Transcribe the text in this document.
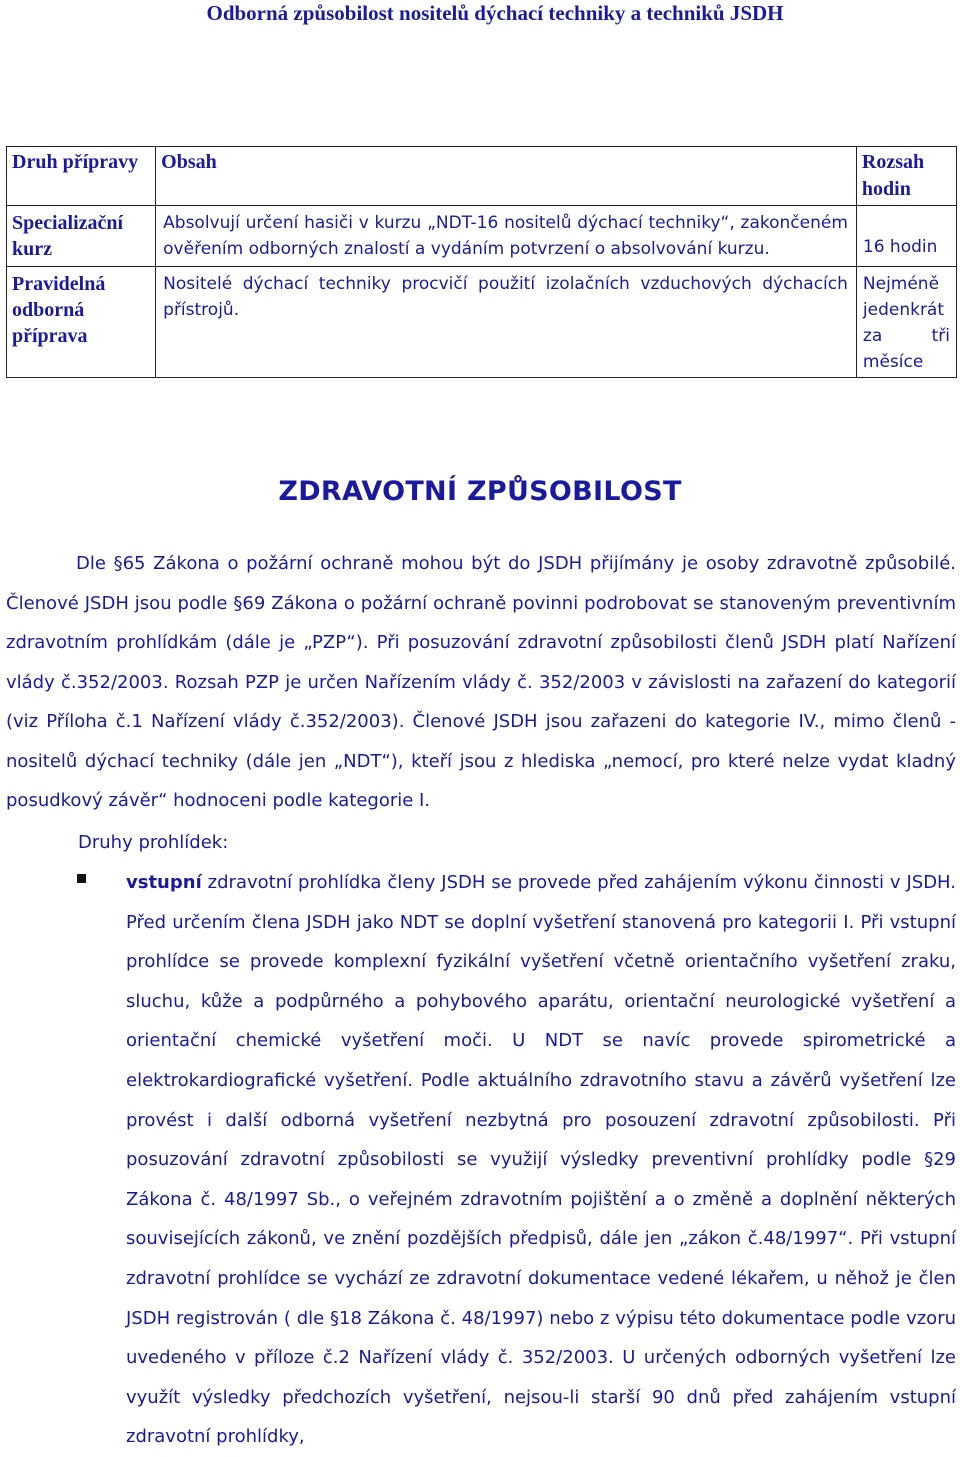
Odborná způsobilost nositelů dýchací techniky a techniků JSDH
Druh přípravy	Obsah	Rozsah hodin
Specializační kurz	Absolvují určení hasiči v kurzu „NDT-16 nositelů dýchací techniky“, zakončeném ověřením odborných znalostí a vydáním potvrzení o absolvování kurzu.	16 hodin

Pravidelná odborná příprava	Nositelé dýchací techniky procvičí použití izolačních vzduchových dýchacích přístrojů.	Nejméně jedenkrát za tři měsíce
ZDRAVOTNÍ ZPŮSOBILOST

Dle §65 Zákona o požární ochraně mohou být do JSDH přijímány je osoby zdravotně způsobilé. Členové JSDH jsou podle §69 Zákona o požární ochraně povinni podrobovat se stanoveným preventivním zdravotním prohlídkám (dále je „PZP“). Při posuzování zdravotní způsobilosti členů JSDH platí Nařízení vlády č.352/2003. Rozsah PZP je určen Nařízením vlády č. 352/2003 v závislosti na zařazení do kategorií (viz Příloha č.1 Nařízení vlády č.352/2003). Členové JSDH jsou zařazeni do kategorie IV., mimo členů - nositelů dýchací techniky (dále jen „NDT“), kteří jsou z hlediska „nemocí, pro které nelze vydat kladný posudkový závěr“ hodnoceni podle kategorie I.

Druhy prohlídek:

vstupní zdravotní prohlídka členy JSDH se provede před zahájením výkonu činnosti v JSDH. Před určením člena JSDH jako NDT se doplní vyšetření stanovená pro kategorii I. Při vstupní prohlídce se provede komplexní fyzikální vyšetření včetně orientačního vyšetření zraku, sluchu, kůže a podpůrného a pohybového aparátu, orientační neurologické vyšetření a orientační chemické vyšetření moči. U NDT se navíc provede spirometrické a elektrokardiografické vyšetření. Podle aktuálního zdravotního stavu a závěrů vyšetření lze provést i další odborná vyšetření nezbytná pro posouzení zdravotní způsobilosti. Při posuzování zdravotní způsobilosti se využijí výsledky preventivní prohlídky podle §29 Zákona č. 48/1997 Sb., o veřejném zdravotním pojištění a o změně a doplnění některých souvisejících zákonů, ve znění pozdějších předpisů, dále jen „zákon č.48/1997“. Při vstupní zdravotní prohlídce se vychází ze zdravotní dokumentace vedené lékařem, u něhož je člen JSDH registrován ( dle §18 Zákona č. 48/1997) nebo z výpisu této dokumentace podle vzoru uvedeného v příloze č.2 Nařízení vlády č. 352/2003. U určených odborných vyšetření lze využít výsledky předchozích vyšetření, nejsou-li starší 90 dnů před zahájením vstupní zdravotní prohlídky,
